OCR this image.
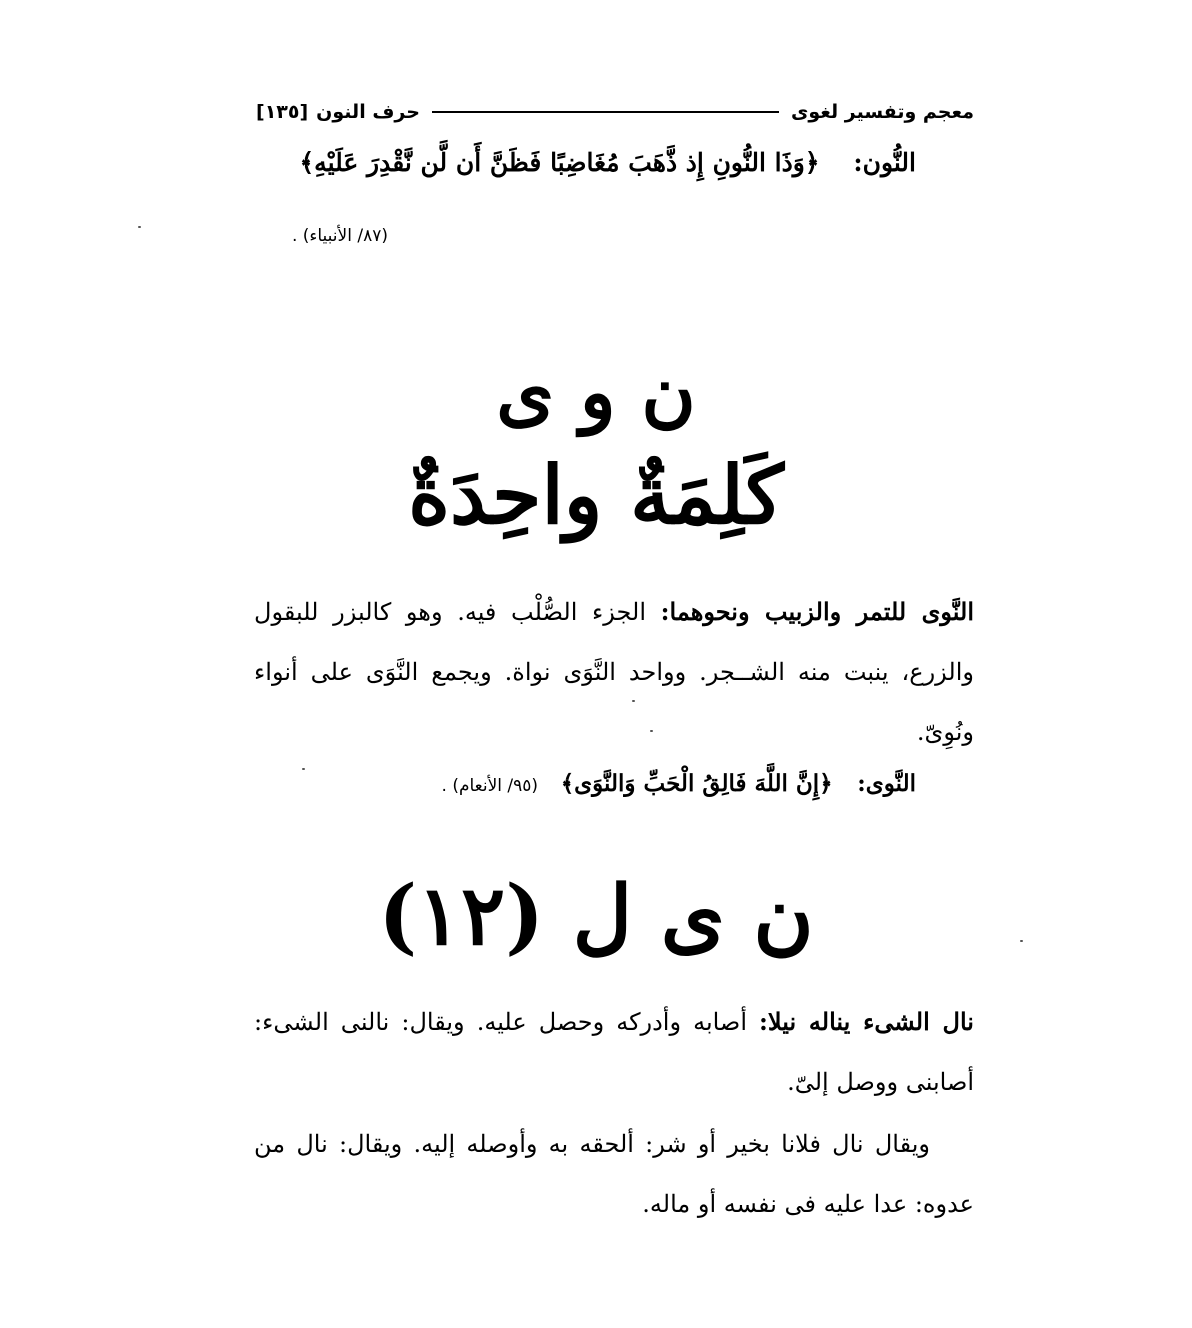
معجم وتفسير لغوى
حرف النون
[١٣٥]
النُّون:  ﴿وَذَا النُّونِ إِذ ذَّهَبَ مُغَاضِبًا فَظَنَّ أَن لَّن نَّقْدِرَ عَلَيْهِ﴾
(٨٧/ الأنبياء) .
ن و ى
كَلِمَةٌ واحِدَةٌ
النَّوى للتمر والزبيب ونحوهما: الجزء الصُّلْب فيه. وهو كالبزر للبقول والزرع، ينبت منه الشــجر. وواحد النَّوَى نواة. ويجمع النَّوَى على أنواء ونُوِىّ.
النَّوى:  ﴿إِنَّ اللَّهَ فَالِقُ الْحَبِّ وَالنَّوَى﴾  (٩٥/ الأنعام) .
ن ى ل (١٢)
نال الشىء يناله نيلا: أصابه وأدركه وحصل عليه. ويقال: نالنى الشىء: أصابنى ووصل إلىّ.
ويقال نال فلانا بخير أو شر: ألحقه به وأوصله إليه. ويقال: نال من عدوه: عدا عليه فى نفسه أو ماله.
